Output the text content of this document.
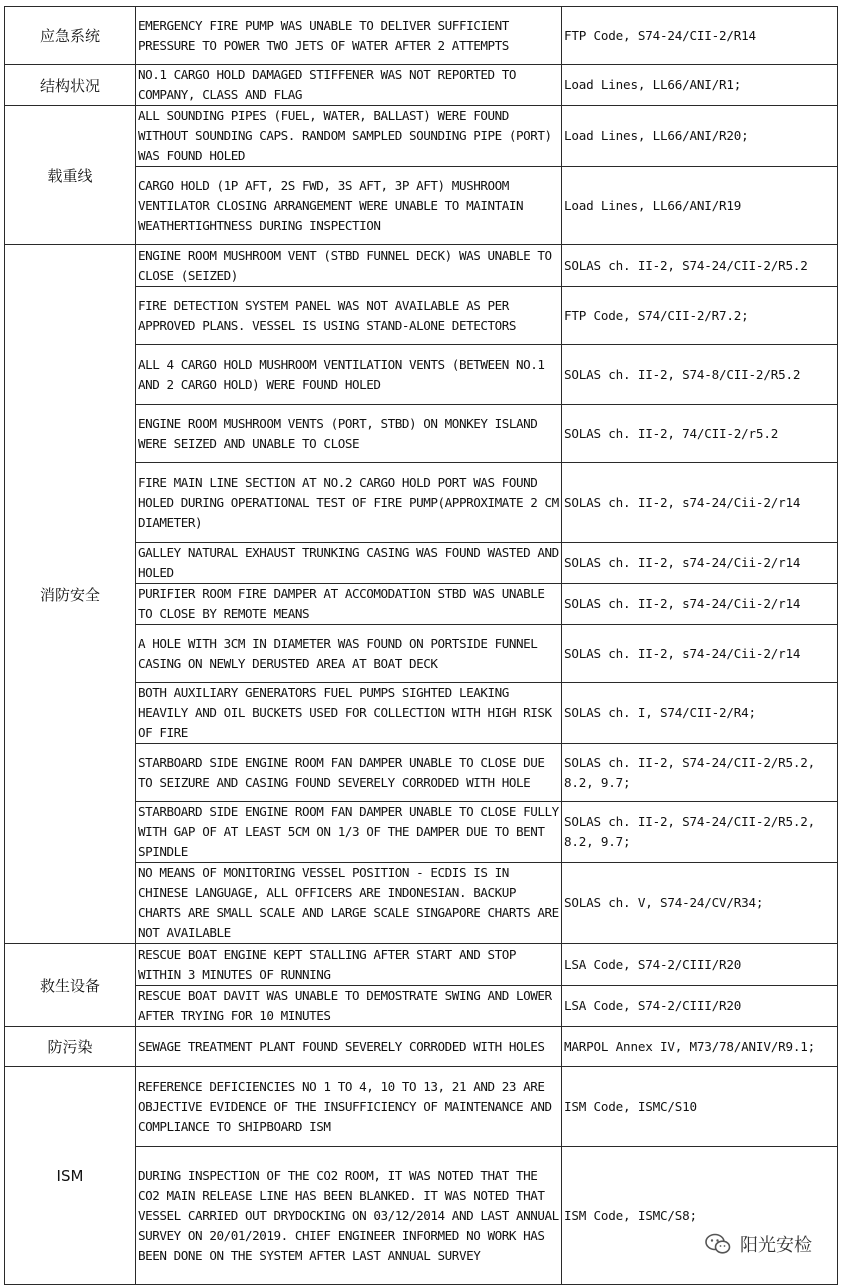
应急系统	EMERGENCY FIRE PUMP WAS UNABLE TO DELIVER SUFFICIENT PRESSURE TO POWER TWO JETS OF WATER AFTER 2 ATTEMPTS	FTP Code, S74-24/CII-2/R14
结构状况	NO.1 CARGO HOLD DAMAGED STIFFENER WAS NOT REPORTED TO COMPANY, CLASS AND FLAG	Load Lines, LL66/ANI/R1;
载重线	ALL SOUNDING PIPES (FUEL, WATER, BALLAST) WERE FOUND WITHOUT SOUNDING CAPS. RANDOM SAMPLED SOUNDING PIPE (PORT) WAS FOUND HOLED	Load Lines, LL66/ANI/R20;
	CARGO HOLD (1P AFT, 2S FWD, 3S AFT, 3P AFT) MUSHROOM VENTILATOR CLOSING ARRANGEMENT WERE UNABLE TO MAINTAIN WEATHERTIGHTNESS DURING INSPECTION	Load Lines, LL66/ANI/R19
消防安全	ENGINE ROOM MUSHROOM VENT (STBD FUNNEL DECK) WAS UNABLE TO CLOSE (SEIZED)	SOLAS ch. II-2, S74-24/CII-2/R5.2
	FIRE DETECTION SYSTEM PANEL WAS NOT AVAILABLE AS PER APPROVED PLANS. VESSEL IS USING STAND-ALONE DETECTORS	FTP Code, S74/CII-2/R7.2;
	ALL 4 CARGO HOLD MUSHROOM VENTILATION VENTS (BETWEEN NO.1 AND 2 CARGO HOLD) WERE FOUND HOLED	SOLAS ch. II-2, S74-8/CII-2/R5.2
	ENGINE ROOM MUSHROOM VENTS (PORT, STBD) ON MONKEY ISLAND WERE SEIZED AND UNABLE TO CLOSE	SOLAS ch. II-2, 74/CII-2/r5.2
	FIRE MAIN LINE SECTION AT NO.2 CARGO HOLD PORT WAS FOUND HOLED DURING OPERATIONAL TEST OF FIRE PUMP(APPROXIMATE 2 CM DIAMETER)	SOLAS ch. II-2, s74-24/Cii-2/r14
	GALLEY NATURAL EXHAUST TRUNKING CASING WAS FOUND WASTED AND HOLED	SOLAS ch. II-2, s74-24/Cii-2/r14
	PURIFIER ROOM FIRE DAMPER AT ACCOMODATION STBD WAS UNABLE TO CLOSE BY REMOTE MEANS	SOLAS ch. II-2, s74-24/Cii-2/r14
	A HOLE WITH 3CM IN DIAMETER WAS FOUND ON PORTSIDE FUNNEL CASING ON NEWLY DERUSTED AREA AT BOAT DECK	SOLAS ch. II-2, s74-24/Cii-2/r14
	BOTH AUXILIARY GENERATORS FUEL PUMPS SIGHTED LEAKING HEAVILY AND OIL BUCKETS USED FOR COLLECTION WITH HIGH RISK OF FIRE	SOLAS ch. I, S74/CII-2/R4;
	STARBOARD SIDE ENGINE ROOM FAN DAMPER UNABLE TO CLOSE DUE TO SEIZURE AND CASING FOUND SEVERELY CORRODED WITH HOLE	SOLAS ch. II-2, S74-24/CII-2/R5.2, 8.2, 9.7;
	STARBOARD SIDE ENGINE ROOM FAN DAMPER UNABLE TO CLOSE FULLY WITH GAP OF AT LEAST 5CM ON 1/3 OF THE DAMPER DUE TO BENT SPINDLE	SOLAS ch. II-2, S74-24/CII-2/R5.2, 8.2, 9.7;
	NO MEANS OF MONITORING VESSEL POSITION - ECDIS IS IN CHINESE LANGUAGE, ALL OFFICERS ARE INDONESIAN. BACKUP CHARTS ARE SMALL SCALE AND LARGE SCALE SINGAPORE CHARTS ARE NOT AVAILABLE	SOLAS ch. V, S74-24/CV/R34;
救生设备	RESCUE BOAT ENGINE KEPT STALLING AFTER START AND STOP WITHIN 3 MINUTES OF RUNNING	LSA Code, S74-2/CIII/R20
	RESCUE BOAT DAVIT WAS UNABLE TO DEMOSTRATE SWING AND LOWER AFTER TRYING FOR 10 MINUTES	LSA Code, S74-2/CIII/R20
防污染	SEWAGE TREATMENT PLANT FOUND SEVERELY CORRODED WITH HOLES	MARPOL Annex IV, M73/78/ANIV/R9.1;
ISM	REFERENCE DEFICIENCIES NO 1 TO 4, 10 TO 13, 21 AND 23 ARE OBJECTIVE EVIDENCE OF THE INSUFFICIENCY OF MAINTENANCE AND COMPLIANCE TO SHIPBOARD ISM	ISM Code, ISMC/S10
	DURING INSPECTION OF THE CO2 ROOM, IT WAS NOTED THAT THE CO2 MAIN RELEASE LINE HAS BEEN BLANKED. IT WAS NOTED THAT VESSEL CARRIED OUT DRYDOCKING ON 03/12/2014 AND LAST ANNUAL SURVEY ON 20/01/2019. CHIEF ENGINEER INFORMED NO WORK HAS BEEN DONE ON THE SYSTEM AFTER LAST ANNUAL SURVEY	ISM Code, ISMC/S8;
阳光安检
